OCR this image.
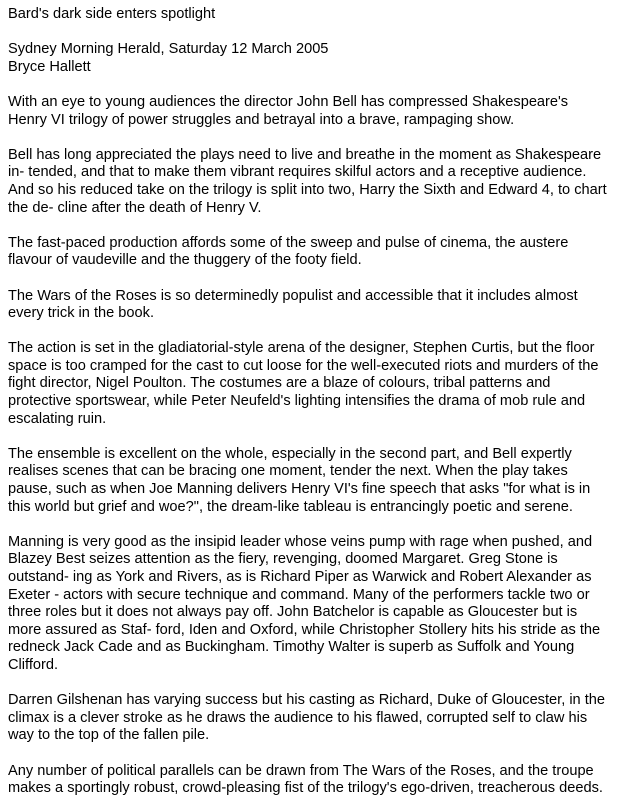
Bard's dark side enters spotlight
Sydney Morning Herald, Saturday 12 March 2005
Bryce Hallett

With an eye to young audiences the director John Bell has compressed Shakespeare's Henry VI trilogy of power struggles and betrayal into a brave, rampaging show.

Bell has long appreciated the plays need to live and breathe in the moment as Shakespeare in- tended, and that to make them vibrant requires skilful actors and a receptive audience. And so his reduced take on the trilogy is split into two, Harry the Sixth and Edward 4, to chart the de- cline after the death of Henry V.

The fast-paced production affords some of the sweep and pulse of cinema, the austere flavour of vaudeville and the thuggery of the footy field.

The Wars of the Roses is so determinedly populist and accessible that it includes almost every trick in the book.

The action is set in the gladiatorial-style arena of the designer, Stephen Curtis, but the floor space is too cramped for the cast to cut loose for the well-executed riots and murders of the fight director, Nigel Poulton. The costumes are a blaze of colours, tribal patterns and protective sportswear, while Peter Neufeld's lighting intensifies the drama of mob rule and escalating ruin.

The ensemble is excellent on the whole, especially in the second part, and Bell expertly realises scenes that can be bracing one moment, tender the next. When the play takes pause, such as when Joe Manning delivers Henry VI's fine speech that asks "for what is in this world but grief and woe?", the dream-like tableau is entrancingly poetic and serene.

Manning is very good as the insipid leader whose veins pump with rage when pushed, and Blazey Best seizes attention as the fiery, revenging, doomed Margaret. Greg Stone is outstand- ing as York and Rivers, as is Richard Piper as Warwick and Robert Alexander as Exeter - actors with secure technique and command. Many of the performers tackle two or three roles but it does not always pay off. John Batchelor is capable as Gloucester but is more assured as Staf- ford, Iden and Oxford, while Christopher Stollery hits his stride as the redneck Jack Cade and as Buckingham. Timothy Walter is superb as Suffolk and Young Clifford.

Darren Gilshenan has varying success but his casting as Richard, Duke of Gloucester, in the climax is a clever stroke as he draws the audience to his flawed, corrupted self to claw his way to the top of the fallen pile.

Any number of political parallels can be drawn from The Wars of the Roses, and the troupe makes a sportingly robust, crowd-pleasing fist of the trilogy's ego-driven, treacherous deeds.
